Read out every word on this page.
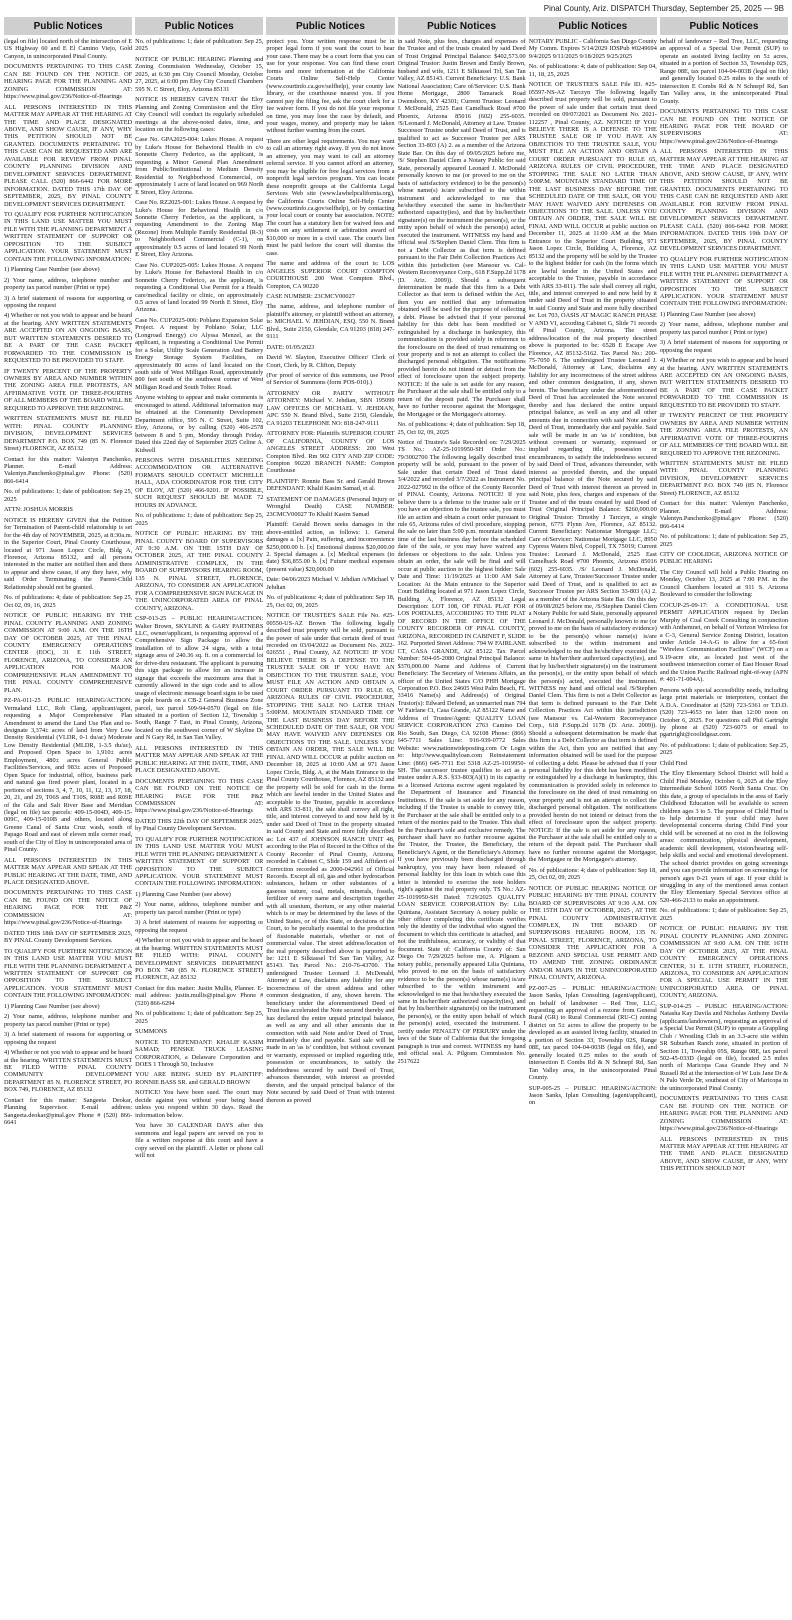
Pinal County, Ariz. DISPATCH Thursday, September 25, 2025 — 9B
Public Notices	Public Notices	Public Notices	Public Notices	Public Notices	Public Notices

(legal on file) located north of the intersection of E US Highway 60 and E El Camino Viejo, Gold Canyon, in unincorporated Pinal County.

DOCUMENTS PERTAINING TO THIS CASE CAN BE FOUND ON THE NOTICE OF HEARING PAGE FOR THE PLANNING AND ZONING COMMISSION AT: https://www.pinal.gov/236/Notice-of-Hearings

ALL PERSONS INTERESTED IN THIS MATTER MAY APPEAR AT THE HEARING AT THE TIME AND PLACE DESIGNATED ABOVE, AND SHOW CAUSE, IF ANY, WHY THIS PETITION SHOULD NOT BE GRANTED. DOCUMENTS PERTAINING TO THIS CASE CAN BE REQUESTED AND ARE AVAILABLE FOR REVIEW FROM PINAL COUNTY PLANNING DIVISION AND DEVELOPMENT SERVICES DEPARTMENT. PLEASE CALL (520) 866-6442 FOR MORE INFORMATION. DATED THIS 17th DAY OF SEPTEMBER, 2025, BY PINAL COUNTY DEVELOPMENT SERVICES DEPARTMENT.

TO QUALIFY FOR FURTHER NOTIFICATION IN THIS LAND USE MATTER YOU MUST FILE WITH THE PLANNING DEPARTMENT A WRITTEN STATEMENT OF SUPPORT OR OPPOSITION TO THE SUBJECT APPLICATION. YOUR STATEMENT MUST CONTAIN THE FOLLOWING INFORMATION:

1) Planning Case Number (see above)

2) Your name, address, telephone number and property tax parcel number (Print or type)

3) A brief statement of reasons for supporting or opposing the request

4) Whether or not you wish to appear and be heard at the hearing. ANY WRITTEN STATEMENTS ARE ACCEPTED ON AN ONGOING BASIS, BUT WRITTEN STATEMENTS DESIRED TO BE A PART OF THE CASE PACKET FORWARDED TO THE COMMISSION IS REQUESTED TO BE PROVIDED TO STAFF.

IF TWENTY PERCENT OF THE PROPERTY OWNERS BY AREA AND NUMBER WITHIN THE ZONING AREA FILE PROTESTS, AN AFFIRMATIVE VOTE OF THREE-FOURTHS OF ALL MEMBERS OF THE BOARD WILL BE REQUIRED TO APPROVE THE REZONING.

WRITTEN STATEMENTS MUST BE FILED WITH: PINAL COUNTY PLANNING DIVISION, DEVELOPMENT SERVICES DEPARTMENT P.O. BOX 749 (85 N. Florence Street) FLORENCE, AZ 85132

Contact for this matter: Valentyn Panchenko, Planner. E-mail Address: Valentyn.Panchenko@pinal.gov Phone: (520) 866-6414

No. of publications: 1; date of publication: Sep 25, 2025

ATTN: JOSHUA MORRIS

NOTICE IS HEREBY GIVEN that the Petition for Termination of Parent-child relationship is set for the 4th day of NOVEMBER, 2025, at 8:30a.m. in the Superior Court, Pinal County Courthouse, located at 971 Jason Lopez Circle, Bldg A, Florence, Arizona 85132, and all persons interested in the matter are notified then and there to appear and show cause, if any they have, why said Order Terminating the Parent-Child Relationship should not be granted.

No. of publications: 4; date of publication: Sep 25, Oct 02, 09, 16, 2025

NOTICE OF PUBLIC HEARING BY THE PINAL COUNTY PLANNING AND ZONING COMMISSION AT 9:00 A.M. ON THE 16TH DAY OF OCTOBER 2025, AT THE PINAL COUNTY EMERGENCY OPERATIONS CENTER (EOC), 31 E 11th STREET, FLORENCE, ARIZONA, TO CONSIDER AN APPLICATION FOR MAJOR COMPREHENSIVE PLAN AMENDMENT TO THE PINAL COUNTY COMPREHENSIVE PLAN.

PZ-PA-011-25 PUBLIC HEARING/ACTION: Vermaland LLC, Rob Clang, applicant/agent, requesting a Major Comprehensive Plan Amendment to amend the Land Use Plan and re-designate 3,374± acres of land from Very Low Density Residential (VLDR, 0-1 du/ac) Moderate Low Density Residential (MLDR, 1-3.5 du/ac), and Proposed Open Space to 1,910± acres Employment, 480± acres General Public Facilities/Services, and 983± acres of Proposed Open Space for industrial, office, business park and natural gas fired power plant, located in a portions of sections 3, 4, 7, 10, 11, 12, 13, 17, 18, 20, 21, and 29, T06S and T10S, R08E and R09E of the Gila and Salt River Base and Meridian (legal on file) tax parcels: 409-15-004D, 409-15-009C, 409-15-010B and others, located along Greene Canal of Santa Cruz wash, south of Papago Road and east of eleven mile corner road, south of the City of Eloy in unincorporated area of Pinal County.

ALL PERSONS INTERESTED IN THIS MATTER MAY APPEAR AND SPEAK AT THE PUBLIC HEARING AT THE DATE, TIME, AND PLACE DESIGNATED ABOVE.

DOCUMENTS PERTAINING TO THIS CASE CAN BE FOUND ON THE NOTICE OF HEARING PAGE FOR THE P&Z COMMISSION AT: https://www.pinal.gov/236/Notice-of-Hearings

DATED THIS 18th DAY OF SEPTEMBER 2025, BY PINAL County Development Services.

TO QUALIFY FOR FURTHER NOTIFICATION IN THIS LAND USE MATTER YOU MUST FILE WITH THE PLANNING DEPARTMENT A WRITTEN STATEMENT OF SUPPORT OR OPPOSITION TO THE SUBJECT APPLICATION. YOUR STATEMENT MUST CONTAIN THE FOLLOWING INFORMATION:

1) Planning Case Number (see above)

2) Your name, address, telephone number and property tax parcel number (Print or type)

3) A brief statement of reasons for supporting or opposing the request

4) Whether or not you wish to appear and be heard at the hearing. WRITTEN STATEMENTS MUST BE FILED WITH: PINAL COUNTY COMMUNITY DEVELOPMENT DEPARTMENT 85 N. FLORENCE STREET, PO BOX 749, FLORENCE, AZ 85132

Contact for this matter: Sangeeta Deokar, Planning Supervisor. E-mail address: Sangeeta.deokar@pinal.gov Phone # (520) 866-6641

No. of publications: 1; date of publication: Sep 25, 2025

NOTICE OF PUBLIC HEARING Planning and Zoning Commission Wednesday, October 15, 2025, at 6:30 pm City Council Monday, October 27, 2025, at 6:00 pm Eloy City Council Chambers 595 N. C Street, Eloy, Arizona 85131

NOTICE IS HEREBY GIVEN THAT the Eloy Planning and Zoning Commission and the Eloy City Council will conduct its regularly scheduled meetings at the above-noted dates, time, and location on the following cases:

Case No. GPA2025-004: Lukes House. A request by Luke's House for Behavioral Health in c/o Sonnette Cherry Federico, as the applicant, is requesting a Minor General Plan Amendment from Public/Institutional to Medium Density Residential to Neighborhood Commercial, on approximately 1 acre of land located on 969 North E Street, Eloy Arizona.

Case No. RZ2025-001: Lukes House. A request by Luke's House for Behavioral Health in c/o Sonnette Cherry Federico, as the applicant, is requesting Amendment to the Zoning Map (Rezone) from Multiple Family Residential (R-3) to Neighborhood Commercial (C-1), on approximately 0.5 acres of land located 99 North E Street, Eloy Arizona.

Case No. CUP2025-005: Lukes House. A request by Luke's House for Behavioral Health in c/o Sonnette Cherry Federico, as the applicant, is requesting a Conditional Use Permit for a Health care/medical facility or clinic, on approximately 0.5 acres of land located 99 North E Street, Eloy Arizona.

Case No. CUP2025-006: Poblano Expansion Solar Project. A request by Poblano Solar, LLC (Longroad Energy) c/o Alyssa Menzel, as the applicant, is requesting a Conditional Use Permit for a Solar, Utility Scale Generation And Battery Energy Storage System Facilities, on approximately 80 acres of land located on the south side of West Milligan Road, approximately 800 feet south of the southwest corner of West Milligan Road and South Toltec Road.

Anyone wishing to appear and make comments is encouraged to attend. Additional information may be obtained at the Community Development Department office, 595 N. C Street, Suite 102, Eloy, Arizona, or by calling (520) 466-2578 between 8 and 5 pm, Monday through Friday. Dated this 22nd day of September 2025 Celine A. Kidwell

PERSONS WITH DISABILITIES NEEDING ACCOMMODATION OR ALTERNATIVE FORMATS SHOULD CONTACT MICHELLE HALL, ADA COORDINATOR FOR THE CITY OF ELOY, AT (520) 466-9201. IF POSSIBLE, SUCH REQUEST SHOULD BE MADE 72 HOURS IN ADVANCE.

No. of publications: 1; date of publication: Sep 25, 2025

NOTICE OF PUBLIC HEARING BY THE PINAL COUNTY BOARD OF SUPERVISORS AT 9:30 A.M. ON THE 15TH DAY OF OCTOBER 2025, AT THE PINAL COUNTY ADMINISTRATIVE COMPLEX, IN THE BOARD OF SUPERVISORS HEARING ROOM, 135 N. PINAL STREET, FLORENCE, ARIZONA, TO CONSIDER AN APPLICATION FOR A COMPREHENSIVE SIGN PACKAGE IN THE UNINCORPORATED AREA OF PINAL COUNTY, ARIZONA.

CSP-013-25 – PUBLIC HEARING/ACTION: Walter Brown, SKYLINE & GARY PARTNERS LLC, owner/applicant, is requesting approval of a Comprehensive Sign Package to allow the installation of to allow 24 signs, with a total signage area of 240.36 sq. ft. on a commercial lot for drive-thru restaurant. The applicant is pursuing this sign package to allow for an increase in signage that exceeds the maximum area that is currently allowed in the sign code and to allow usage of electronic message board signs to be used as pole boards on a CB-2 General Business Zone parcel, tax parcel 509-94-0570 (legal on file- situated in a portion of Section 12, Township 3 South, Range 7 East, in Pinal County, Arizona, located on the southwest corner of W Skyline Dr and N Gary Rd, in San Tan Valley.

ALL PERSONS INTERESTED IN THIS MATTER MAY APPEAR AND SPEAK AT THE PUBLIC HEARING AT THE DATE, TIME, AND PLACE DESIGNATED ABOVE.

DOCUMENTS PERTAINING TO THIS CASE CAN BE FOUND ON THE NOTICE OF HEARING PAGE FOR THE P&Z COMMISSION AT: https://www.pinal.gov/236/Notice-of-Hearings

DATED THIS 22th DAY OF SEPTEMBER 2025, by Pinal County Development Services.

TO QUALIFY FOR FURTHER NOTIFICATION IN THIS LAND USE MATTER YOU MUST FILE WITH THE PLANNING DEPARTMENT A WRITTEN STATEMENT OF SUPPORT OR OPPOSITION TO THE SUBJECT APPLICATION. YOUR STATEMENT MUST CONTAIN THE FOLLOWING INFORMATION:

1) Planning Case Number (see above)

2) Your name, address, telephone number and property tax parcel number (Print or type)

3) A brief statement of reasons for supporting or opposing the request

4) Whether or not you wish to appear and be heard at the hearing. WRITTEN STATEMENTS MUST BE FILED WITH: PINAL COUNTY DEVELOPMENT SERVICES DEPARTMENT PO BOX 749 (85 N. FLORENCE STREET) FLORENCE, AZ 85132

Contact for this matter: Justin Mullis, Planner. E-mail address: justin.mullis@pinal.gov Phone # (520) 866-6294

No. of publications: 1; date of publication: Sep 25, 2025

SUMMONS

NOTICE TO DEFENDANT: KHALIF KASIM SAMAD; PENSKE TRUCK LEASING CORPORATION, a Delaware Corporation and DOES 1 Through 50, Inclusive

YOU ARE BEING SUED BY PLAINTIFF: RONNIE BASS SR. and GERALD BROWN

NOTICE! You have been sued. The court may decide against you without your being heard unless you respond within 30 days. Read the information below.

You have 30 CALENDAR DAYS after this summons and legal papers are served on you to file a written response at this court and have a copy served on the plaintiff. A letter or phone call will not

protect you. Your written response must be in proper legal form if you want the court to hear your case. There may be a court form that you can use for your response. You can find these court forms and more information at the California Courts Online Self-Help Center (www.courtinfo.ca.gov/selfhelp), your county law library, or the courthouse nearest you. If you cannot pay the filing fee, ask the court clerk for a fee waiver form. If you do not file your response on time, you may lose the case by default, and your wages, money, and property may be taken without further warning from the court.

There are other legal requirements. You may want to call an attorney right away. If you do not know an attorney, you may want to call an attorney referral service. If you cannot afford an attorney, you may be eligible for free legal services from a nonprofit legal services program. You can locate these nonprofit groups at the California Legal Services Web site (www.lawhelpcalifornia.org), the California Courts Online Self-Help Center (www.courtinfo.ca.gov/selfhelp), or by contacting your local court or county bar association. NOTE: The court has a statutory lien for waived fees and costs on any settlement or arbitration award of $10,000 or more in a civil case. The court's lien must be paid before the court will dismiss the case.

The name and address of the court is: LOS ANGELES SUPERIOR COURT COMPTON COURTHOUSE 200 West Compton Blvd., Compton, CA 90220

CASE NUMBER: 23CMCV00027

The name, address, and telephone number of plaintiff's attorney, or plaintiff without an attorney, is: MICHAEL V. JEHDIAN, ESQ. 550 N. Brand Blvd., Suite 2150, Glendale, CA 91203 (818) 247-9111

DATE: 01/05/2023

David W. Slayton, Executive Officer/ Clerk of Court, Clerk, by R. Clifton, Deputy

(For proof of service of this summons, use Proof of Service of Summons (form POS-010).)

ATTORNEY OR PARTY WITHOUT ATTORNEY: Michael V. Jehdian, SBN 195099 LAW OFFICES OF MICHAEL V. JEHDIAN, APC 550 N. Brand Blvd., Suite 2150, Glendale, CA 91203 TELEPHONE NO: 818-247-9111

ATTORNEY FOR: Plaintiffs SUPERIOR COURT OF CALIFORNIA, COUNTY OF LOS ANGELES STREET ADDRESS: 200 West Compton Blvd. Rm 902 CITY AND ZIP CODE: Compton 90220 BRANCH NAME: Compton Courthouse

PLAINTIFF: Ronnie Bass Sr. and Gerald Brown DEFENDANT: Khalif Kasim Samad, et al.

STATEMENT OF DAMAGES (Personal Injury or Wrongful Death) CASE NUMBER: 23CMCV00027 To Khalif Kasim Samad

Plaintiff: Gerald Brown seeks damages in the above-entitled action, as follows: 1. General damages a. [x] Pain, suffering, and inconvenience $250,000.00 b. [x] Emotional distress $20,000.00 2. Special damages a. [x] Medical expenses (to date) $36,855.00 b. [x] Future medical expenses (present value) $20,000.00

Date: 04/06/2023 Michael V. Jehdian /s/Michael V Jehdian

No. of publications: 4; date of publication: Sep 18, 25, Oct 02, 09, 2025

NOTICE OF TRUSTEE'S SALE File No. #25-00550-US-AZ Brown The following legally described trust property will be sold, pursuant to the power of sale under that certain deed of trust recorded on 03/04/2022 as Document No. 2022-026551 , Pinal County, AZ NOTICE! IF YOU BELIEVE THERE IS A DEFENSE TO THE TRUSTEE SALE OR IF YOU HAVE AN OBJECTION TO THE TRUSTEE SALE, YOU MUST FILE AN ACTION AND OBTAIN A COURT ORDER PURSUANT TO RULE 65, ARIZONA RULES OF CIVIL PROCEDURE, STOPPING THE SALE NO LATER THAN 5:00P.M. MOUNTAIN STANDARD TIME OF THE LAST BUSINESS DAY BEFORE THE SCHEDULED DATE OF THE SALE, OR YOU MAY HAVE WAIVED ANY DEFENSES OR OBJECTIONS TO THE SALE. UNLESS YOU OBTAIN AN ORDER, THE SALE WILL BE FINAL AND WILL OCCUR at public auction on December 18, 2025 at 10:00 AM at 971 Jason Lopez Circle, Bldg. A, at the Main Entrance to the Pinal County Courthouse, Florence, AZ 85132 and the property will be sold for cash in the forms which are lawful tender in the United States and acceptable to the Trustee, payable in accordance with ARS 33-811, the sale shall convey all right, title, and interest conveyed to and now held by it under said Deed of Trust in the property situated in said County and State and more fully described as: Lot 437 of JOHNSON RANCH UNIT 48, according to the Plat of Record in the Office of the County Recorder of Pinal County, Arizona, recorded in Cabinet C, Slide 159 and Affidavit of Correction recorded as 2000-042961 of Official Records. Except all oil, gas and other hydrocarbon substances, helium or other substances of a gaseous nature, coal, metals, minerals, fossils, fertilizer of every name and description together with all uranium, thorium, or any other material which is or may be determined by the laws of the United States, or of this State, or decisions of the Court, to be peculiarly essential to the production of fissionable materials, whether or not of commercial value. The street address/location of the real property described above is purported to be: 1211 E Silktassel Trl San Tan Valley, AZ 85143. Tax Parcel No.: 210-76-43700. The undersigned Trustee Leonard J. McDonald, Attorney at Law, disclaims any liability for any incorrectness of the street address and other common designation, if any, shown herein. The beneficiary under the aforementioned Deed of Trust has accelerated the Note secured thereby and has declared the entire unpaid principal balance, as well as any and all other amounts due in connection with said Note and/or Deed of Trust, immediately due and payable. Said sale will be made in an 'as is' condition, but without covenant or warranty, expressed or implied regarding title, possession or encumbrances, to satisfy the indebtedness secured by said Deed of Trust, advances thereunder, with interest as provided therein, and the unpaid principal balance of the Note secured by said Deed of Trust with interest thereon as proved

in said Note, plus fees, charges and expenses of the Trustee and of the trusts created by said Deed of Trust Original Principal Balance: $402,573.00 Original Trustor: Justin Brown and Emily Brown, husband and wife, 1211 E Silktassel Trl, San Tan Valley, AZ 85143. Current Beneficiary: U.S. Bank National Association; Care of/Servicer: U.S. Bank Home Mortgage, 2800 Tamarack Road Owensboro, KY 42301; Current Trustee: Leonard J. McDonald, 2525 East Camelback Road #700 Phoenix, Arizona 85016 (602) 255-6035. /S/Leonard J. McDonald, Attorney at Law. Trustee Successor Trustee under said Deed of Trust, and is qualified to act as Successor Trustee per ARS Section 33-803 (A) 2. as a member of the Arizona State Bar. On this day of 09/05/2025 before me, /S/ Stephen Daniel Clem a Notary Public for said State, personally appeared Leonard J. McDonald personally known to me (or proved to me on the basis of satisfactory evidence) to be the person(s) whose name(s) is/are subscribed to the within instrument and acknowledged to me that he/she/they executed the same in his/her/their authorized capacity(ies), and that by his/her/their signature(s) on the instrument the person(s), or the entity upon behalf of which the person(s) acted, executed the instrument. WITNESS my hand and official seal /S/Stephen Daniel Clem. This firm is not a Debt Collector as that term is defined pursuant to the Fair Debt Collection Practices Act within this jurisdiction (see Mansour vs. Cal-Western Reconveyance Corp., 618 F.Supp.2d 1178 (D. Ariz. 2009)). Should a subsequent determination be made that this firm is a Debt Collector as that term is defined within the Act, then you are notified that any information obtained will be used for the purpose of collecting a debt. Please be advised that if your personal liability for this debt has been modified or extinguished by a discharge in bankruptcy, this communication is provided solely in reference to the foreclosure on the deed of trust remaining on your property and is not an attempt to collect the discharged personal obligation. The notifications provided herein do not intend or detract from the effect of foreclosure upon the subject property. NOTICE: If the sale is set aside for any reason, the Purchaser at the sale shall be entitled only to a return of the deposit paid. The Purchaser shall have no further recourse against the Mortgagor, the Mortgagee or the Mortgagee's attorney.

No. of publications: 4; date of publication: Sep 18, 25, Oct 02, 09, 2025

Notice of Trustee's Sale Recorded on: 7/29/2025 TS No.: AZ-25-1019950-SH Order No.: 79/3002700 The following legally described trust property will be sold, pursuant to the power of Sale under that certain Deed of Trust dated 3/4/2022 and recorded 3/7/2022 as Instrument No. 2022-027992 in the office of the County Recorder of PINAL County, Arizona. NOTICE! If you believe there is a defense to the trustee sale or if you have an objection to the trustee sale, you must file an action and obtain a court order pursuant to rule 65, Arizona rules of civil procedure, stopping the sale no later than 5:00 p.m. mountain standard time of the last business day before the scheduled date of the sale, or you may have waived any defenses or objections to the sale. Unless you obtain an order, the sale will be final and will occur at public auction to the highest bidder: Sale Date and Time: 11/19/2025 at 11:00 AM Sale Location: At the Main entrance to the Superior Court Building located at 971 Jason Lopez Circle, Building A, Florence, AZ 85132 Legal Description: LOT 108, OF FINAL PLAT FOR LOS PORTALES, ACCORDING TO THE PLAT OF RECORD IN THE OFFICE OF THE COUNTY RECORDER OF PINAL COUNTY, ARIZONA, RECORDED IN CABINET F, SLIDE 162. Purported Street Address: 794 W FAIRLANE CT, CASA GRANDE, AZ 85122 Tax Parcel Number: 504-05-2080 Original Principal Balance: $370,000.00 Name and Address of Current Beneficiary: The Secretary of Veterans Affairs, an officer of the United States C/O PHH Mortgage Corporation P.O. Box 24605 West Palm Beach, FL 33416 Name(s) and Address(s) of Original Trustor(s): Edward Defend, an unmarried man 794 W Fairlane Ct, Casa Grande, AZ 85122 Name and Address of Trustee/Agent: QUALITY LOAN SERVICE CORPORATION 2763 Camino Del Rio South, San Diego, CA 92108 Phone: (866) 645-7711 Sales Line: 916-939-0772 Sales Website: www.nationwideposting.com Or Login to: http://www.qualityloan.com Reinstatement Line: (866) 645-7711 Ext 5318 AZ-25-1019950-SH. The successor trustee qualifies to act as a trustee under A.R.S. §33-803(A)(1) in its capacity as a licensed Arizona escrow agent regulated by the Department of Insurance and Financial Institutions. If the sale is set aside for any reason, including if the Trustee is unable to convey title, the Purchaser at the sale shall be entitled only to a return of the monies paid to the Trustee. This shall be the Purchaser's sole and exclusive remedy. The purchaser shall have no further recourse against the Trustor, the Trustee, the Beneficiary, the Beneficiary's Agent, or the Beneficiary's Attorney. If you have previously been discharged through bankruptcy, you may have been released of personal liability for this loan in which case this letter is intended to exercise the note holders right's against the real property only. TS No.: AZ-25-1019950-SH Dated: 7/29/2025 QUALITY LOAN SERVICE CORPORATION By: Lilia Quintana, Assistant Secretary A notary public or other officer completing this certificate verifies only the identity of the individual who signed the document to which this certificate is attached, and not the truthfulness, accuracy, or validity of that document. State of: California County of: San Diego On 7/29/2025 before me, A. Pilgram a notary public, personally appeared Lilia Quintana, who proved to me on the basis of satisfactory evidence to be the person(s) whose name(s) is/are subscribed to the within instrument and acknowledged to me that he/she/they executed the same in his/her/their authorized capacity(ies), and that by his/her/their signature(s) on the instrument the person(s), or the entity upon behalf of which the person(s) acted, executed the instrument. I certify under PENALTY OF PERJURY under the laws of the State of California that the foregoing paragraph is true and correct. WITNESS my hand and official seal. A. Pilgram Commission No. 2517622

NOTARY PUBLIC - California San Diego County My Comm. Expires 5/14/2029 IDSPub #0249694 9/4/2025 9/11/2025 9/18/2025 9/25/2025

No. of publications: 4; date of publication: Sep 04, 11, 18, 25, 2025

NOTICE OF TRUSTEE'S SALE File ID. #25-05597-NS-AZ Tarczyn The following legally described trust property will be sold, pursuant to the power of sale under that certain trust deed recorded on 09/07/2021 as Document No. 2021-112257 , Pinal County, AZ. NOTICE! IF YOU BELIEVE THERE IS A DEFENSE TO THE TRUSTEE SALE OR IF YOU HAVE AN OBJECTION TO THE TRUSTEE SALE, YOU MUST FILE AN ACTION AND OBTAIN A COURT ORDER PURSUANT TO RULE 65, ARIZONA RULES OF CIVIL PROCEDURE, STOPPING THE SALE NO LATER THAN 5:00P.M. MOUNTAIN STANDARD TIME OF THE LAST BUSINESS DAY BEFORE THE SCHEDULED DATE OF THE SALE, OR YOU MAY HAVE WAIVED ANY DEFENSES OR OBJECTIONS TO THE SALE. UNLESS YOU OBTAIN AN ORDER, THE SALE WILL BE FINAL AND WILL OCCUR at public auction on December 11, 2025 at 11:00 AM at the Main Entrance to the Superior Court Building, 971 Jason Lopez Circle, Building A, Florence, AZ 85132 and the property will be sold by the Trustee to the highest bidder for cash (in the forms which are lawful tender in the United States and acceptable to the Trustee, payable in accordance with ARS 33-811). The sale shall convey all right, title, and interest conveyed to and now held by it under said Deed of Trust in the property situated in said County and State and more fully described as: Lot 703, OASIS AT MAGIC RANCH PHASE V AND VI, according Cabinet G, Slide 71 records of Pinal County, Arizona. The street address/location of the real property described above is purported to be: 6528 E Escape Ave Florence, AZ 85132-5162. Tax Parcel No.: 200-75-7050 6. The undersigned Trustee Leonard J. McDonald, Attorney at Law, disclaims any liability for any incorrectness of the street address and other common designation, if any, shown herein. The beneficiary under the aforementioned Deed of Trust has accelerated the Note secured thereby and has declared the entire unpaid principal balance, as well as any and all other amounts due in connection with said Note and/or Deed of Trust, immediately due and payable. Said sale will be made in an 'as is' condition, but without covenant or warranty, expressed or implied regarding title, possession or encumbrances, to satisfy the indebtedness secured by said Deed of Trust, advances thereunder, with interest as provided therein, and the unpaid principal balance of the Note secured by said Deed of Trust with interest thereon as proved in said Note, plus fees, charges and expenses of the Trustee and of the trusts created by said Deed of Trust Original Principal Balance: $260,000.00 Original Trustor: Timothy J Tarczyn, a single person, 6775 Flynn Ave, Florence, AZ 85132. Current Beneficiary: Nationstar Mortgage LLC; Care of/Servicer: Nationstar Mortgage LLC, 8950 Cypress Waters Blvd, Coppell, TX 75019; Current Trustee: Leonard J. McDonald, 2525 East Camelback Road #700 Phoenix, Arizona 85016 (602) 255-6035. /S/ Leonard J. McDonald, Attorney at Law, Trustee/Successor Trustee under said Deed of Trust, and is qualified to act as Successor Trustee per ARS Section 33-803 (A) 2. as a member of the Arizona State Bar. On this day of 09/08/2025 before me, /S/Stephen Daniel Clem a Notary Public for said State, personally appeared Leonard J. McDonald, personally known to me (or proved to me on the basis of satisfactory evidence) to be the person(s) whose name(s) is/are subscribed to the within instrument and acknowledged to me that he/she/they executed the same in his/her/their authorized capacity(ies), and that by his/her/their signature(s) on the instrument the person(s), or the entity upon behalf of which the person(s) acted, executed the instrument. WITNESS my hand and official seal /S/Stephen Daniel Clem. This firm is not a Debt Collector as that term is defined pursuant to the Fair Debt Collection Practices Act within this jurisdiction (see Mansour vs. Cal-Western Reconveyance Corp., 618 F.Supp.2d 1178 (D. Ariz. 2009)). Should a subsequent determination be made that this firm is a Debt Collector as that term is defined within the Act, then you are notified that any information obtained will be used for the purpose of collecting a debt. Please be advised that if your personal liability for this debt has been modified or extinguished by a discharge in bankruptcy, this communication is provided solely in reference to the foreclosure on the deed of trust remaining on your property and is not an attempt to collect the discharged personal obligation. The notifications provided herein do not intend or detract from the effect of foreclosure upon the subject property. NOTICE: If the sale is set aside for any reason, the Purchaser at the sale shall be entitled only to a return of the deposit paid. The Purchaser shall have no further recourse against the Mortgagor, the Mortgagee or the Mortgagee's attorney.

No. of publications: 4; date of publication: Sep 18, 25, Oct 02, 09, 2025

NOTICE OF PUBLIC HEARING NOTICE OF PUBLIC HEARING BY THE PINAL COUNTY BOARD OF SUPERVISORS AT 9:30 A.M. ON THE 15TH DAY OF OCTOBER, 2025 , AT THE PINAL COUNTY ADMINISTRATIVE COMPLEX, IN THE BOARD OF SUPERVISORS HEARING ROOM, 135 N. PINAL STREET, FLORENCE, ARIZONA, TO CONSIDER THE APPLICATION FOR A REZONE AND SPECIAL USE PERMIT AND TO AMEND THE ZONING ORDINANCE AND/OR MAPS IN THE UNINCORPORATED PINAL COUNTY, ARIZONA.

PZ-007-25 – PUBLIC HEARING/ACTION: Jason Sanks, Iplan Consulting (agent/applicant), on behalf of landowner – Red Tree, LLC, requesting an approval of a rezone from General Rural (GR) to Rural Commercial (RU-C) zoning district on 5± acres to allow the property to be developed as an assisted living facility, situated in a portion of Section 33, Township 02S, Range 08E, tax parcel 104-04-003B (legal on file), and generally located 0.25 miles to the south of intersection E Combs Rd & N Schnepf Rd, San Tan Valley area, in the unincorporated Pinal County.

SUP-005-25 – PUBLIC HEARING/ACTION: Jason Sanks, Iplan Consulting (agent/applicant), on

behalf of landowner – Red Tree, LLC, requesting an approval of a Special Use Permit (SUP) to operate an assisted living facility on 5± acres, situated in a portion of Section 33, Township 02S, Range 08E, tax parcel 104-04-003B (legal on file) and generally located 0.25 miles to the south of intersection E Combs Rd & N Schnepf Rd, San Tan Valley area, in the unincorporated Pinal County.

DOCUMENTS PERTAINING TO THIS CASE CAN BE FOUND ON THE NOTICE OF HEARING PAGE FOR THE BOARD OF SUPERVISORS AT: https://www.pinal.gov/236/Notice-of-Hearings

ALL PERSONS INTERESTED IN THIS MATTER MAY APPEAR AT THE HEARING AT THE TIME AND PLACE DESIGNATED ABOVE, AND SHOW CAUSE, IF ANY, WHY THIS PETITION SHOULD NOT BE GRANTED. DOCUMENTS PERTAINING TO THIS CASE CAN BE REQUESTED AND ARE AVAILABLE FOR REVIEW FROM PINAL COUNTY PLANNING DIVISION AND DEVELOPMENT SERVICES DEPARTMENT. PLEASE CALL (520) 866-6442 FOR MORE INFORMATION. DATED THIS 19th DAY OF SEPTEMBER, 2025, BY PINAL COUNTY DEVELOPMENT SERVICES DEPARTMENT.

TO QUALIFY FOR FURTHER NOTIFICATION IN THIS LAND USE MATTER YOU MUST FILE WITH THE PLANNING DEPARTMENT A WRITTEN STATEMENT OF SUPPORT OR OPPOSITION TO THE SUBJECT APPLICATION. YOUR STATEMENT MUST CONTAIN THE FOLLOWING INFORMATION:

1) Planning Case Number (see above)

2) Your name, address, telephone number and property tax parcel number ( Print or type)

3) A brief statement of reasons for supporting or opposing the request

4) Whether or not you wish to appear and be heard at the hearing. ANY WRITTEN STATEMENTS ARE ACCEPTED ON AN ONGOING BASIS, BUT WRITTEN STATEMENTS DESIRED TO BE A PART OF THE CASE PACKET FORWARDED TO THE COMMISSION IS REQUESTED TO BE PROVIDED TO STAFF.

IF TWENTY PERCENT OF THE PROPERTY OWNERS BY AREA AND NUMBER WITHIN THE ZONING AREA FILE PROTESTS, AN AFFIRMATIVE VOTE OF THREE-FOURTHS OF ALL MEMBERS OF THE BOARD WILL BE REQUIRED TO APPROVE THE REZONING.

WRITTEN STATEMENTS MUST BE FILED WITH: PINAL COUNTY PLANNING DIVISION, DEVELOPMENT SERVICES DEPARTMENT P.O. BOX 749 (85 N. Florence Street) FLORENCE, AZ 85132

Contact for this matter: Valentyn Panchenko, Planner. E-mail Address: Valentyn.Panchenko@pinal.gov Phone: (520) 866-6414

No. of publications: 1; date of publication: Sep 25, 2025

CITY OF COOLIDGE, ARIZONA NOTICE OF PUBLIC HEARING

The City Council will hold a Public Hearing on Monday, October 13, 2025 at 7:00 P.M. in the Council Chambers located at 911 S. Arizona Boulevard to consider the following:

COCUP-25-09-17: A CONDITIONAL USE PERMIT APPLICATION request by Declan Murphy of Coal Creek Consulting in conjunction with Anthemnet, on behalf of Verizon Wireless for a C-3, General Service Zoning District, location under Article 14-A-G to allow for a 65-foot "Wireless Communication Facilities" (WCF) on a 9.19-acre site, as located just west of the southwest intersection corner of East Houser Road and the Union Pacific Railroad right-of-way (APN #: 401-71-004A).

Persons with special accessibility needs, including large print materials or interpreters, contact the A.D.A. Coordinator at (520) 723-5361 or T.D.D. (520) 723-4653 no later than 12:00 noon on October 6, 2025. For questions call Phil Gartright by phone at (520) 723-6075 or email to pgartright@coolidgeaz.com.

No. of publications: 1; date of publication: Sep 25, 2025

Child Find

The Eloy Elementary School District will hold a Child Find Monday, October 6, 2025 at the Eloy Intermediate School 1005 North Santa Cruz. On this date, a group of specialists in the area of Early Childhood Education will be available to screen children ages 3 to 5. The purpose of Child Find is to help determine if your child may have developmental concerns during Child Find your child will be screened at no cost in the following areas: communication, physical development, academic skill development, vision/hearing self-help skills and social and emotional development. The school district provides on going screenings and you can provide information on screenings for person's ages 0-21 years of age. If your child is struggling in any of the mentioned areas contact the Eloy Elementary Special Services office at 520-466-2133 to make an appointment.

No. of publications: 1; date of publication: Sep 25, 2025

NOTICE OF PUBLIC HEARING BY THE PINAL COUNTY PLANNING AND ZONING COMMISSION AT 9:00 A.M. ON THE 16TH DAY OF OCTOBER 2025, AT THE PINAL COUNTY EMERGENCY OPERATIONS CENTER, 31 E. 11TH STREET, FLORENCE, ARIZONA, TO CONSIDER AN APPLICATION FOR A SPECIAL USE PERMIT IN THE UNINCORPORATED AREA OF PINAL COUNTY, ARIZONA.

SUP-014-25 – PUBLIC HEARING/ACTION: Natasha Kay Davila and Nicholas Anthony Davila (applicants/landowners), requesting an approval of a Special Use Permit (SUP) to operate a Grappling Club / Wrestling Club in an 3.3-acre site within SR Suburban Ranch zone, situated in portion of Section 11, Township 05S, Range 08E, tax parcel 502-45-033D (legal on file), located 2.5 miles north of Maricopa Casa Grande Hwy and N Russell Rd at the intersection of W Luis Jane Dr & N Palo Verde Dr, southeast of City of Maricopa in the unincorporated Pinal County.

DOCUMENTS PERTAINING TO THIS CASE CAN BE FOUND ON THE NOTICE OF HEARING PAGE FOR THE PLANNING AND ZONING COMMISSION AT: https://www.pinal.gov/236/Notice-of-Hearings

ALL PERSONS INTERESTED IN THIS MATTER MAY APPEAR AT THE HEARING AT THE TIME AND PLACE DESIGNATED ABOVE, AND SHOW CAUSE, IF ANY, WHY THIS PETITION SHOULD NOT
